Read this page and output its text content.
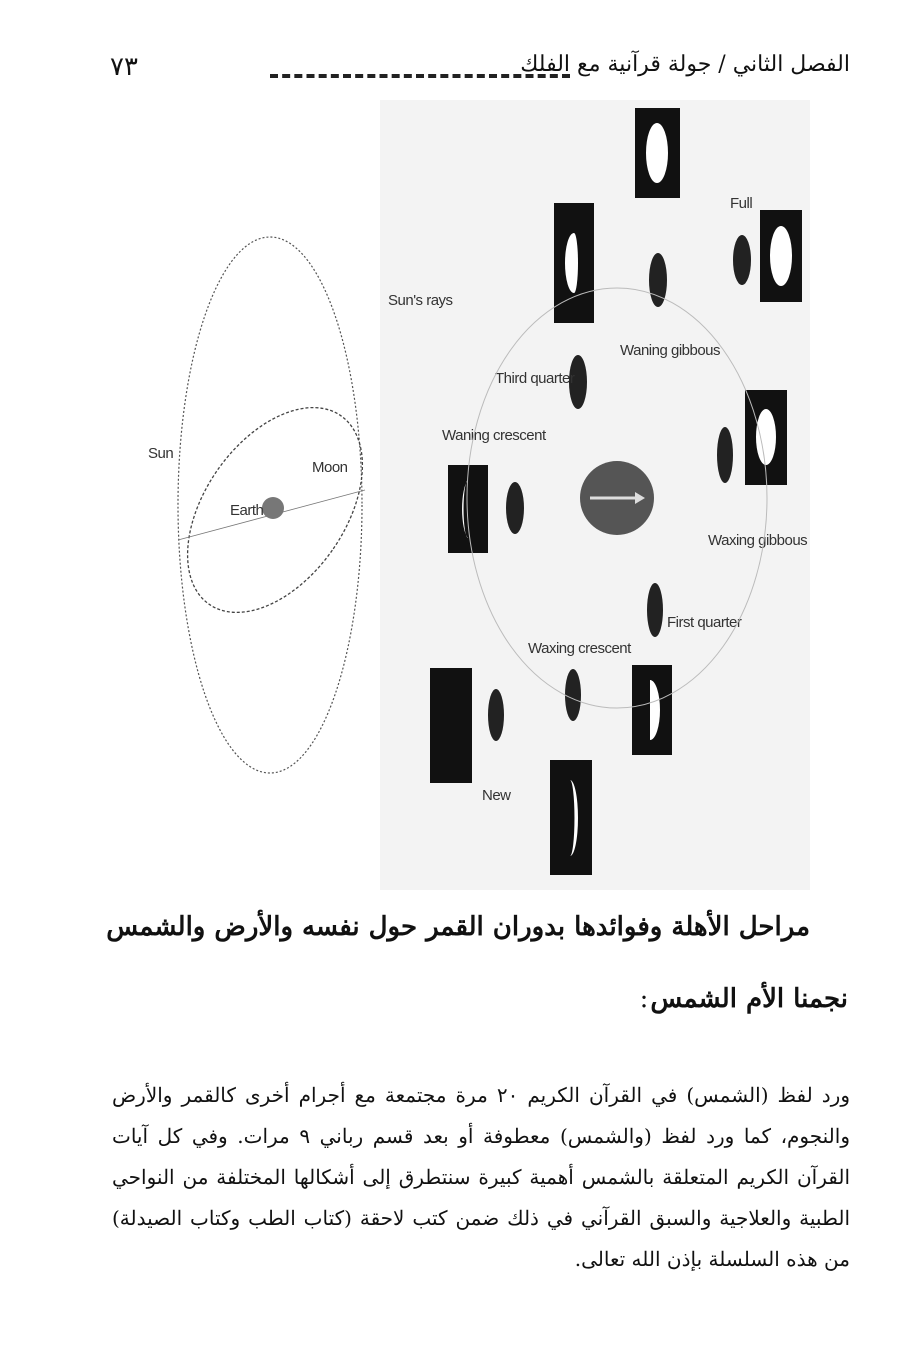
٧٣	الفصل الثاني / جولة قرآنية مع الفلك
Earth
Moon
Sun
Sun's rays
Full
Waning gibbous
Third quarter
Waning crescent
Waxing gibbous
First quarter
Waxing crescent
New
مراحل الأهلة وفوائدها بدوران القمر حول نفسه والأرض والشمس
نجمنا الأم الشمس:

ورد لفظ (الشمس) في القرآن الكريم ٢٠ مرة مجتمعة مع أجرام أخرى كالقمر والأرض والنجوم، كما ورد لفظ (والشمس) معطوفة أو بعد قسم رباني ٩ مرات. وفي كل آيات القرآن الكريم المتعلقة بالشمس أهمية كبيرة سنتطرق إلى أشكالها المختلفة من النواحي الطبية والعلاجية والسبق القرآني في ذلك ضمن كتب لاحقة (كتاب الطب وكتاب الصيدلة) من هذه السلسلة بإذن الله تعالى.
